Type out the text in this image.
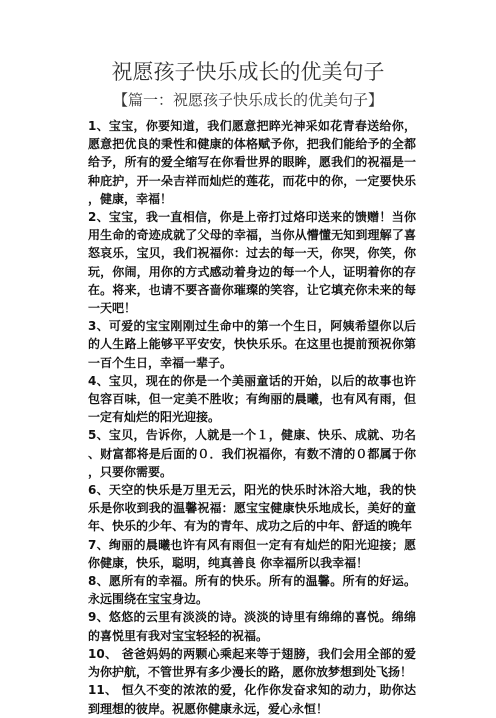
祝愿孩子快乐成长的优美句子
【篇一：祝愿孩子快乐成长的优美句子】

1、宝宝，你要知道，我们愿意把睟光神采如花青春送给你，愿意把优良的秉性和健康的体格赋予你，把我们能给予的全都给予，所有的爱全缩写在你看世界的眼眸，愿我们的祝福是一种庇护，开一朵吉祥而灿烂的莲花，而花中的你，一定要快乐，健康，幸福！

2、宝宝，我一直相信，你是上帝打过烙印送来的馈赠！当你用生命的奇迹成就了父母的幸福，当你从懵懂无知到理解了喜怒哀乐，宝贝，我们祝福你：过去的每一天，你哭，你笑，你玩，你闹，用你的方式感动着身边的每一个人，证明着你的存在。将来，也请不要吝啬你璀璨的笑容，让它填充你未来的每一天吧！

3、可爱的宝宝刚刚过生命中的第一个生日，阿姨希望你以后的人生路上能够平平安安，快快乐乐。在这里也提前预祝你第一百个生日，幸福一辈子。

4、宝贝，现在的你是一个美丽童话的开始，以后的故事也许包容百味，但一定美不胜收；有绚丽的晨曦，也有风有雨，但一定有灿烂的阳光迎接。

5、宝贝，告诉你，人就是一个１，健康、快乐、成就、功名、财富都将是后面的０．我们祝福你，有数不清的０都属于你，只要你需要。

6、天空的快乐是万里无云，阳光的快乐时沐浴大地，我的快乐是你收到我的温馨祝福：愿宝宝健康快乐地成长，美好的童年、快乐的少年、有为的青年、成功之后的中年、舒适的晚年

7、绚丽的晨曦也许有风有雨但一定有有灿烂的阳光迎接；愿你健康，快乐，聪明，纯真善良 你幸福所以我幸福！

8、愿所有的幸福。所有的快乐。所有的温馨。所有的好运。永远围绕在宝宝身边。

9、悠悠的云里有淡淡的诗。淡淡的诗里有绵绵的喜悦。绵绵的喜悦里有我对宝宝轻轻的祝福。

10、 爸爸妈妈的两颗心乘起来等于翅膀，我们会用全部的爱为你护航，不管世界有多少漫长的路，愿你放梦想到处飞扬！

11、 恒久不变的浓浓的爱，化作你发奋求知的动力，助你达到理想的彼岸。祝愿你健康永远，爱心永恒！
